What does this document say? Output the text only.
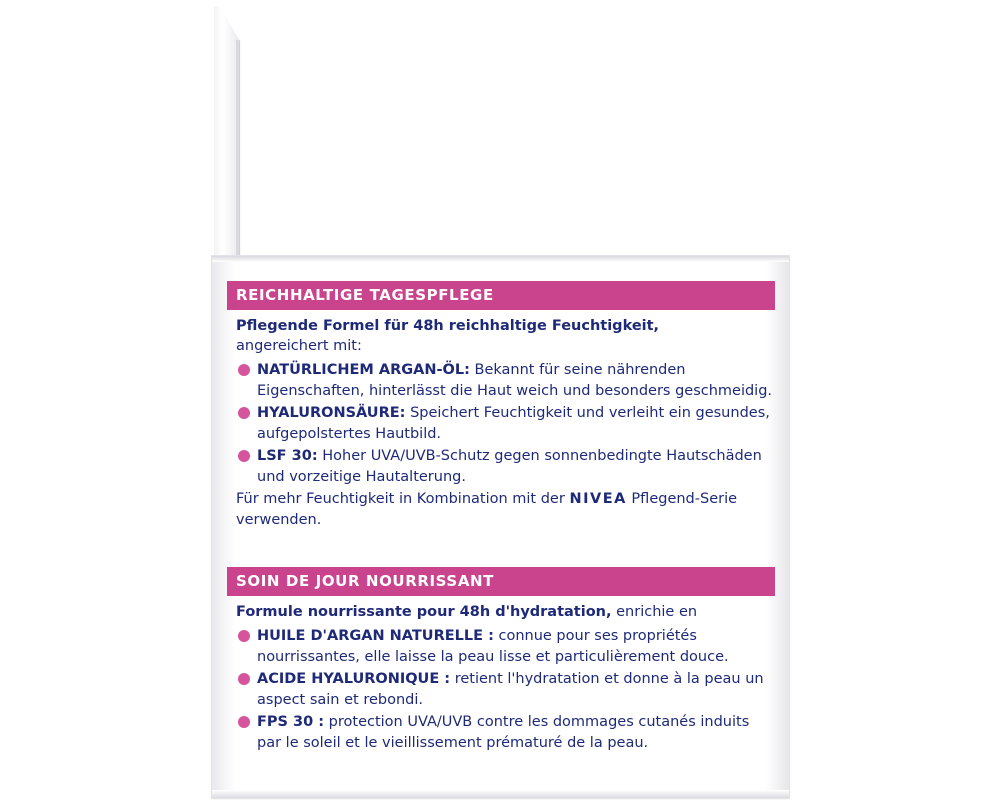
REICHHALTIGE TAGESPFLEGE

Pflegende Formel für 48h reichhaltige Feuchtigkeit,
angereichert mit:

NATÜRLICHEM ARGAN-ÖL: Bekannt für seine nährenden Eigenschaften, hinterlässt die Haut weich und besonders geschmeidig.
HYALURONSÄURE: Speichert Feuchtigkeit und verleiht ein gesundes, aufgepolstertes Hautbild.
LSF 30: Hoher UVA/UVB-Schutz gegen sonnenbedingte Hautschäden und vorzeitige Hautalterung.

Für mehr Feuchtigkeit in Kombination mit der NIVEA Pflegend-Serie verwenden.

SOIN DE JOUR NOURRISSANT

Formule nourrissante pour 48h d'hydratation, enrichie en

HUILE D'ARGAN NATURELLE : connue pour ses propriétés nourrissantes, elle laisse la peau lisse et particulièrement douce.
ACIDE HYALURONIQUE : retient l'hydratation et donne à la peau un aspect sain et rebondi.
FPS 30 : protection UVA/UVB contre les dommages cutanés induits par le soleil et le vieillissement prématuré de la peau.
